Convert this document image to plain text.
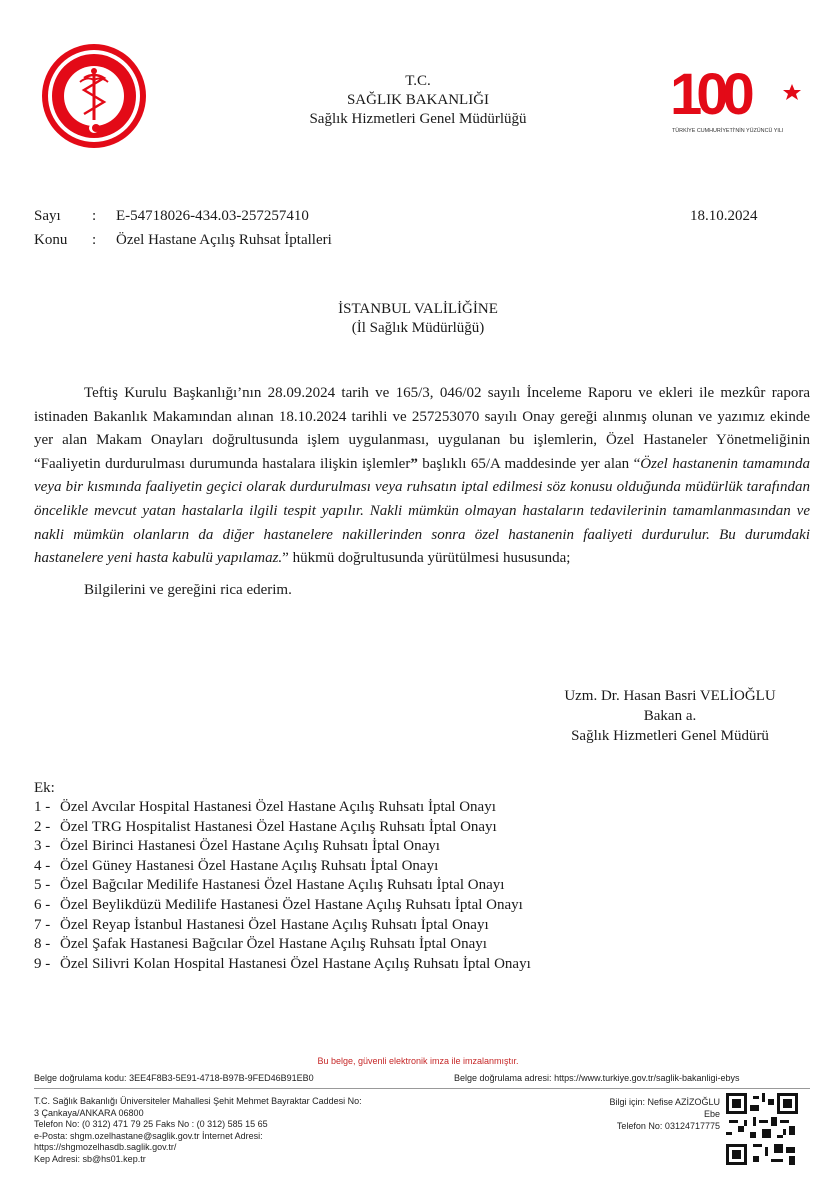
T.C.
SAĞLIK BAKANLIĞI
Sağlık Hizmetleri Genel Müdürlüğü	100
TÜRKİYE CUMHURİYETİ'NİN YÜZÜNCÜ YILI
Sayı : E-54718026-434.03-257257410	18.10.2024
Konu : Özel Hastane Açılış Ruhsat İptalleri
İSTANBUL VALİLİĞİNE
(İl Sağlık Müdürlüğü)

Teftiş Kurulu Başkanlığı’nın 28.09.2024 tarih ve 165/3, 046/02 sayılı İnceleme Raporu ve ekleri ile mezkûr rapora istinaden Bakanlık Makamından alınan 18.10.2024 tarihli ve 257253070 sayılı Onay gereği alınmış olunan ve yazımız ekinde yer alan Makam Onayları doğrultusunda işlem uygulanması, uygulanan bu işlemlerin, Özel Hastaneler Yönetmeliğinin “Faaliyetin durdurulması durumunda hastalara ilişkin işlemler” başlıklı 65/A maddesinde yer alan “Özel hastanenin tamamında veya bir kısmında faaliyetin geçici olarak durdurulması veya ruhsatın iptal edilmesi söz konusu olduğunda müdürlük tarafından öncelikle mevcut yatan hastalarla ilgili tespit yapılır. Nakli mümkün olmayan hastaların tedavilerinin tamamlanmasından ve nakli mümkün olanların da diğer hastanelere nakillerinden sonra özel hastanenin faaliyeti durdurulur. Bu durumdaki hastanelere yeni hasta kabulü yapılamaz.” hükmü doğrultusunda yürütülmesi hususunda;

Bilgilerini ve gereğini rica ederim.

Uzm. Dr. Hasan Basri VELİOĞLU
Bakan a.
Sağlık Hizmetleri Genel Müdürü
Ek:
1 - Özel Avcılar Hospital Hastanesi Özel Hastane Açılış Ruhsatı İptal Onayı
2 - Özel TRG Hospitalist Hastanesi Özel Hastane Açılış Ruhsatı İptal Onayı
3 - Özel Birinci Hastanesi Özel Hastane Açılış Ruhsatı İptal Onayı
4 - Özel Güney Hastanesi Özel Hastane Açılış Ruhsatı İptal Onayı
5 - Özel Bağcılar Medilife Hastanesi Özel Hastane Açılış Ruhsatı İptal Onayı
6 - Özel Beylikdüzü Medilife Hastanesi Özel Hastane Açılış Ruhsatı İptal Onayı
7 - Özel Reyap İstanbul Hastanesi Özel Hastane Açılış Ruhsatı İptal Onayı
8 - Özel Şafak Hastanesi Bağcılar Özel Hastane Açılış Ruhsatı İptal Onayı
9 - Özel Silivri Kolan Hospital Hastanesi Özel Hastane Açılış Ruhsatı İptal Onayı
Bu belge, güvenli elektronik imza ile imzalanmıştır.
Belge doğrulama kodu: 3EE4F8B3-5E91-4718-B97B-9FED46B91EB0	Belge doğrulama adresi: https://www.turkiye.gov.tr/saglik-bakanligi-ebys
T.C. Sağlık Bakanlığı Üniversiteler Mahallesi Şehit Mehmet Bayraktar Caddesi No:
3 Çankaya/ANKARA 06800
Telefon No: (0 312) 471 79 25 Faks No : (0 312) 585 15 65
e-Posta: shgm.ozelhastane@saglik.gov.tr İnternet Adresi:
https://shgmozelhasdb.saglik.gov.tr/
Kep Adresi: sb@hs01.kep.tr
Bilgi için: Nefise AZİZOĞLU
Ebe
Telefon No: 03124717775
